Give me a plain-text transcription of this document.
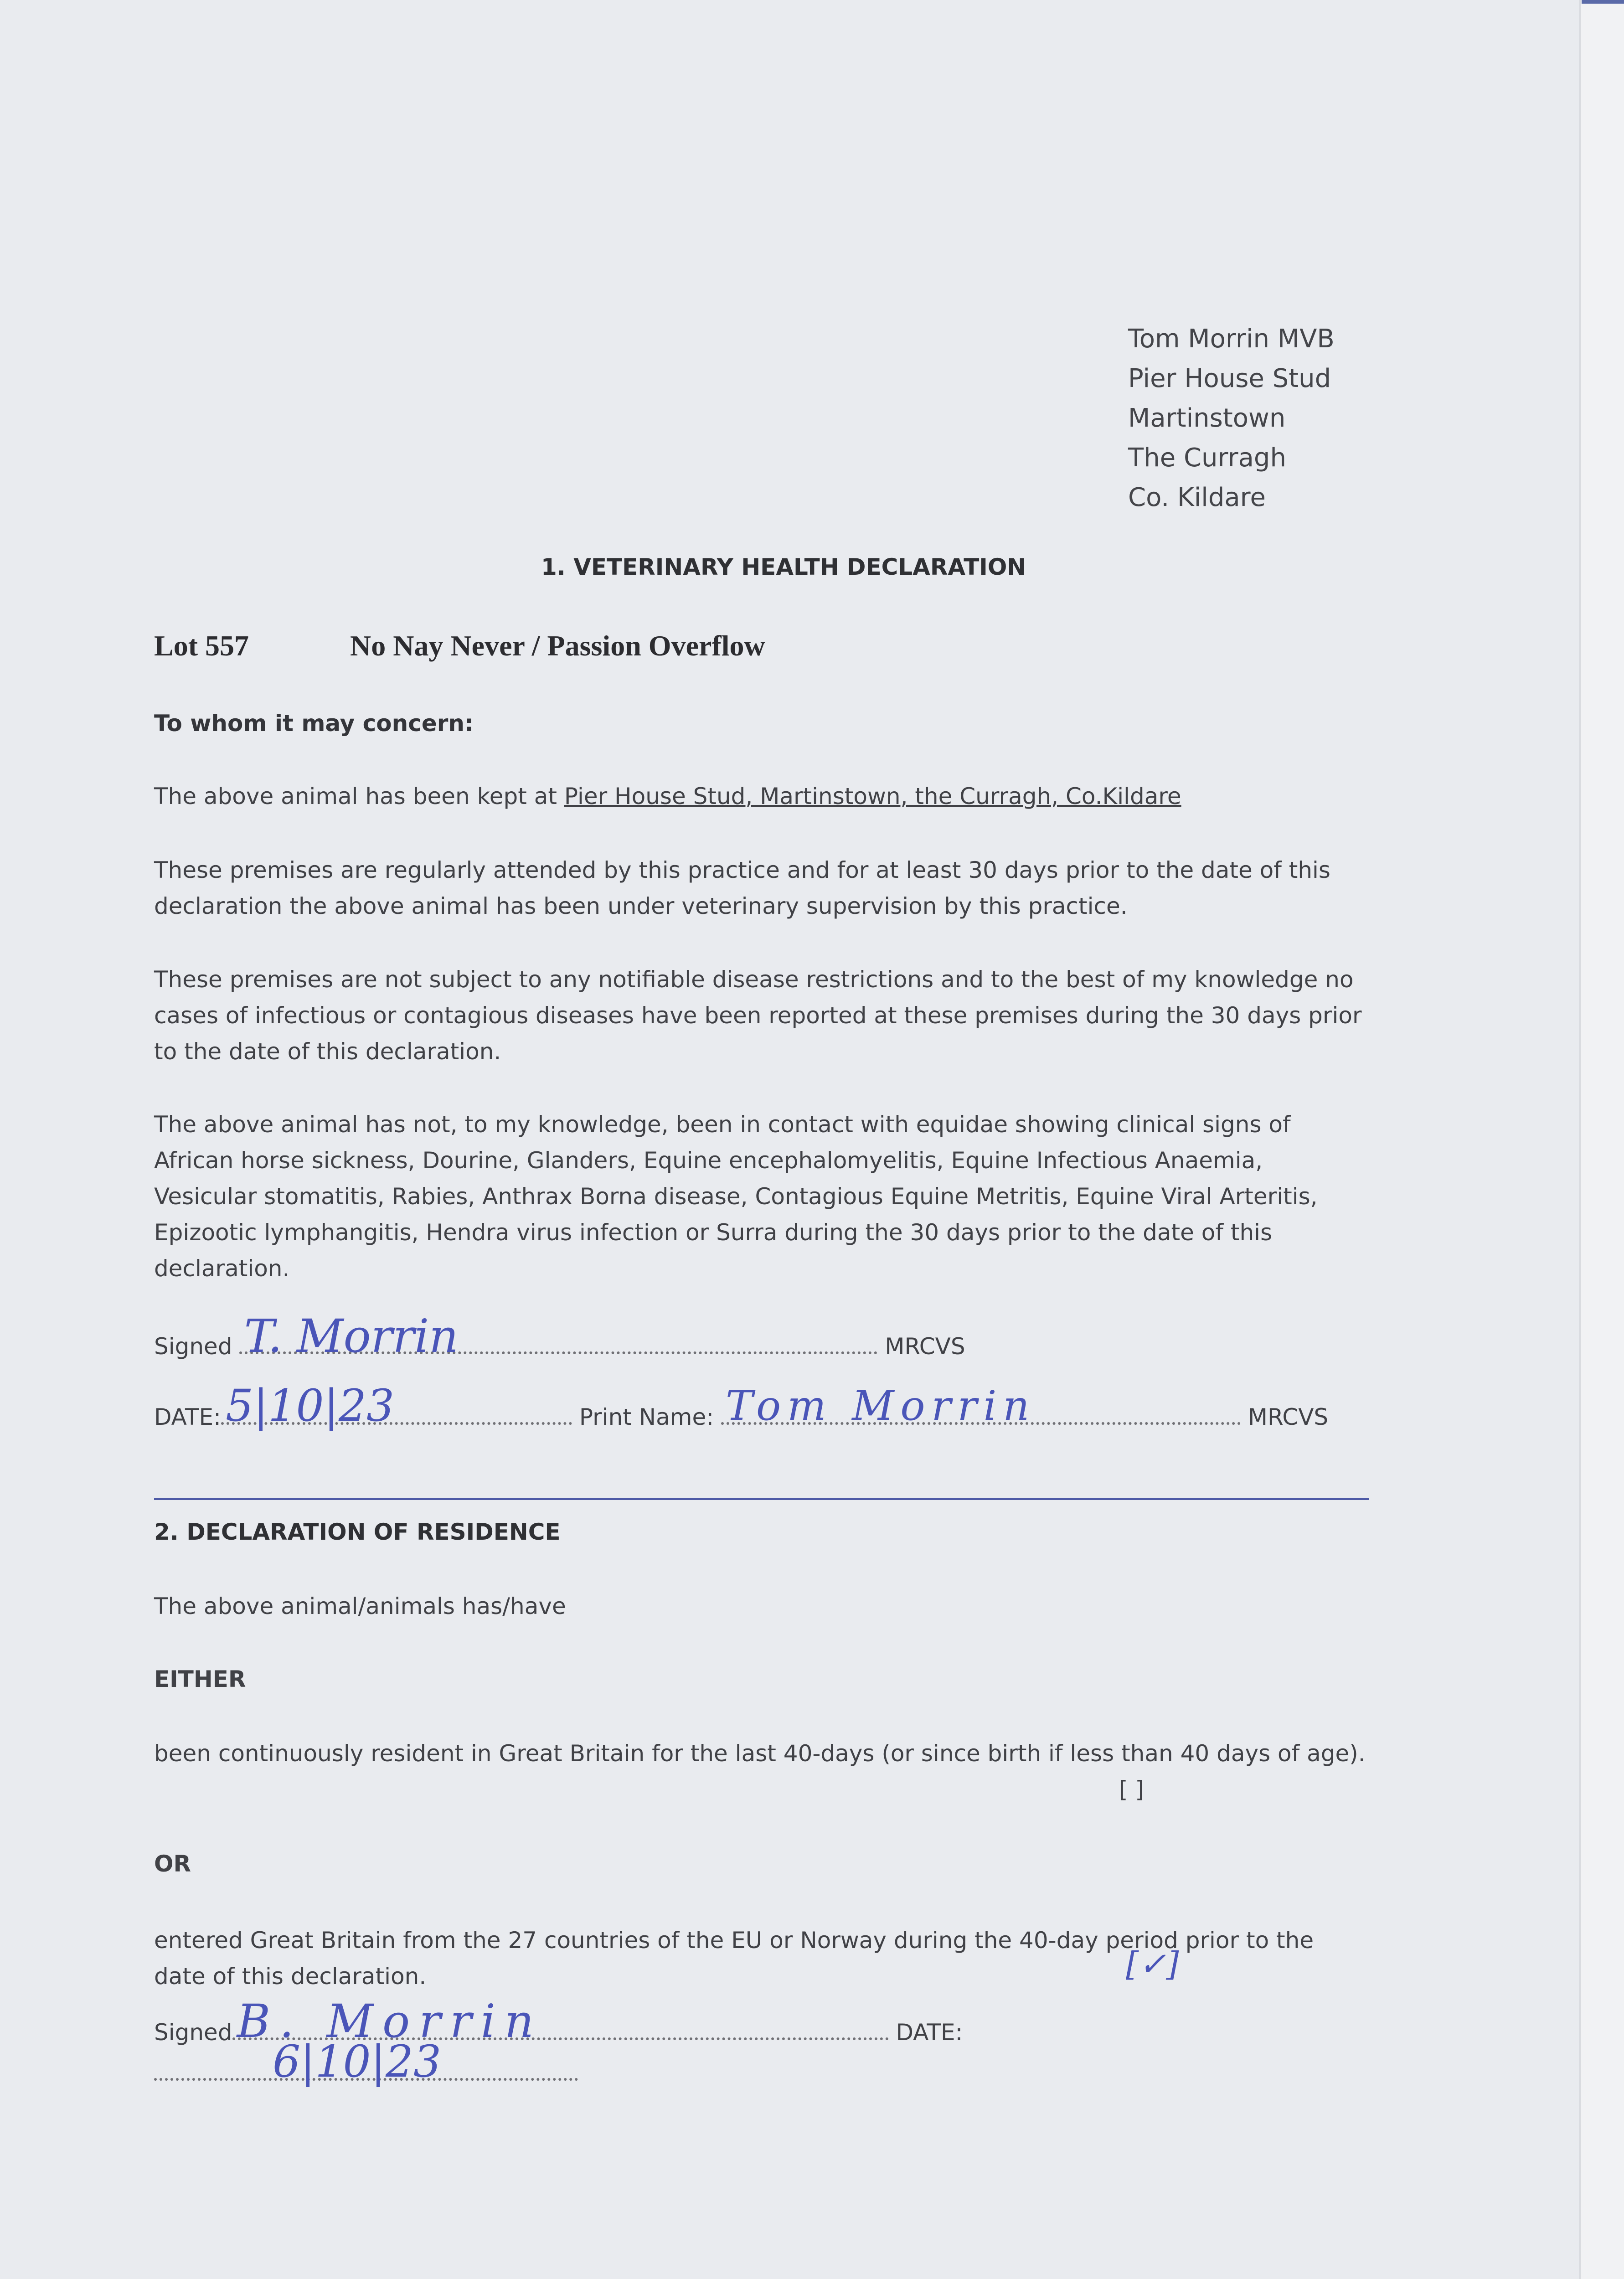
Tom Morrin MVB
Pier House Stud
Martinstown
The Curragh
Co. Kildare
1. VETERINARY HEALTH DECLARATION
Lot 557	No Nay Never / Passion Overflow
To whom it may concern:
The above animal has been kept at Pier House Stud, Martinstown, the Curragh, Co.Kildare
These premises are regularly attended by this practice and for at least 30 days prior to the date of this declaration the above animal has been under veterinary supervision by this practice.
These premises are not subject to any notifiable disease restrictions and to the best of my knowledge no cases of infectious or contagious diseases have been reported at these premises during the 30 days prior to the date of this declaration.
The above animal has not, to my knowledge, been in contact with equidae showing clinical signs of African horse sickness, Dourine, Glanders, Equine encephalomyelitis, Equine Infectious Anaemia, Vesicular stomatitis, Rabies, Anthrax Borna disease, Contagious Equine Metritis, Equine Viral Arteritis, Epizootic lymphangitis, Hendra virus infection or Surra during the 30 days prior to the date of this declaration.
Signed T. Morrin	MRCVS
DATE: 5|10|23	Print Name: Tom Morrin	MRCVS
2. DECLARATION OF RESIDENCE
The above animal/animals has/have
EITHER
been continuously resident in Great Britain for the last 40-days (or since birth if less than 40 days of age).
[ ]
OR
entered Great Britain from the 27 countries of the EU or Norway during the 40-day period prior to the date of this declaration.	[✓]
Signed B. Morrin	DATE:
6|10|23
